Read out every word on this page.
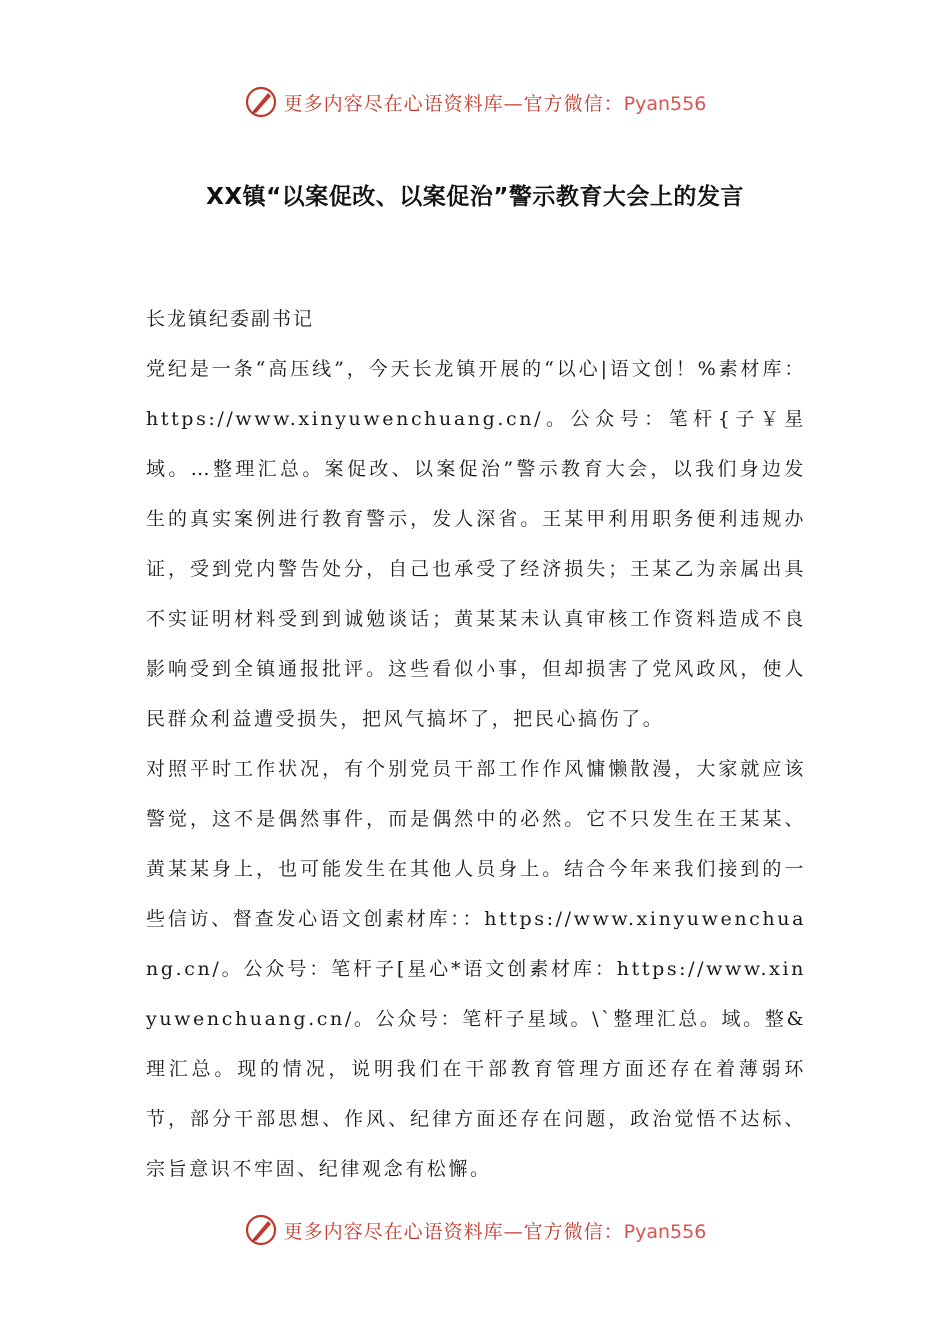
更多内容尽在心语资料库—官方微信：Pyan556
XX镇“以案促改、以案促治”警示教育大会上的发言

长龙镇纪委副书记

党纪是一条“高压线”，今天长龙镇开展的“以心|语文创！%素材库：https://www.xinyuwenchuang.cn/。公众号：笔杆{子￥星域。…整理汇总。案促改、以案促治”警示教育大会，以我们身边发生的真实案例进行教育警示，发人深省。王某甲利用职务便利违规办证，受到党内警告处分，自己也承受了经济损失；王某乙为亲属出具不实证明材料受到到诚勉谈话；黄某某未认真审核工作资料造成不良影响受到全镇通报批评。这些看似小事，但却损害了党风政风，使人民群众利益遭受损失，把风气搞坏了，把民心搞伤了。

对照平时工作状况，有个别党员干部工作作风慵懒散漫，大家就应该警觉，这不是偶然事件，而是偶然中的必然。它不只发生在王某某、黄某某身上，也可能发生在其他人员身上。结合今年来我们接到的一些信访、督查发心语文创素材库：：https://www.xinyuwenchuang.cn/。公众号：笔杆子[星心*语文创素材库：https://www.xinyuwenchuang.cn/。公众号：笔杆子星域。\`整理汇总。域。整&理汇总。现的情况，说明我们在干部教育管理方面还存在着薄弱环节，部分干部思想、作风、纪律方面还存在问题，政治觉悟不达标、宗旨意识不牢固、纪律观念有松懈。

更多内容尽在心语资料库—官方微信：Pyan556
